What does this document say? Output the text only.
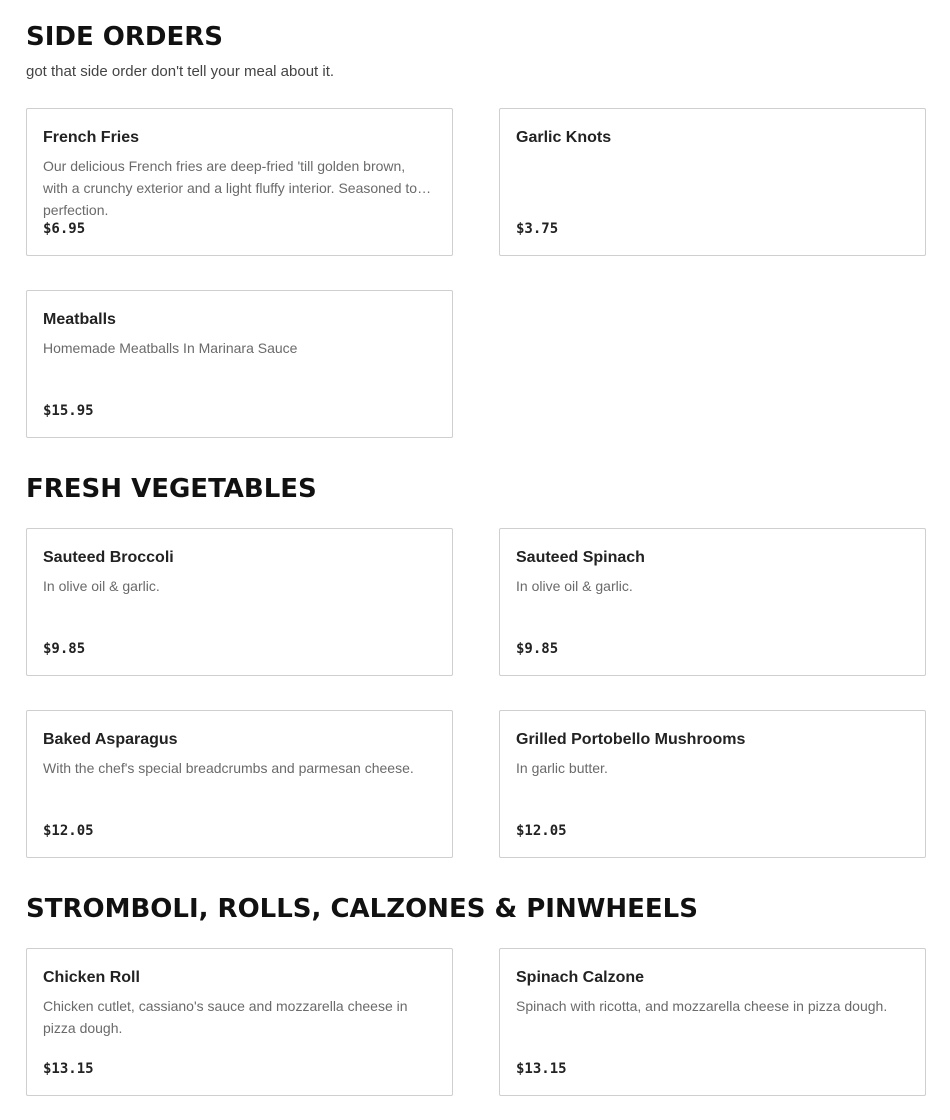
SIDE ORDERS

got that side order don't tell your meal about it.

French Fries
Our delicious French fries are deep-fried 'till golden brown, with a crunchy exterior and a light fluffy interior. Seasoned to perfection.
$6.95
Garlic Knots
$3.75
Meatballs
Homemade Meatballs In Marinara Sauce
$15.95
FRESH VEGETABLES
Sauteed Broccoli
In olive oil & garlic.
$9.85
Sauteed Spinach
In olive oil & garlic.
$9.85
Baked Asparagus
With the chef's special breadcrumbs and parmesan cheese.
$12.05
Grilled Portobello Mushrooms
In garlic butter.
$12.05
STROMBOLI, ROLLS, CALZONES & PINWHEELS
Chicken Roll
Chicken cutlet, cassiano's sauce and mozzarella cheese in pizza dough.
$13.15
Spinach Calzone
Spinach with ricotta, and mozzarella cheese in pizza dough.
$13.15
